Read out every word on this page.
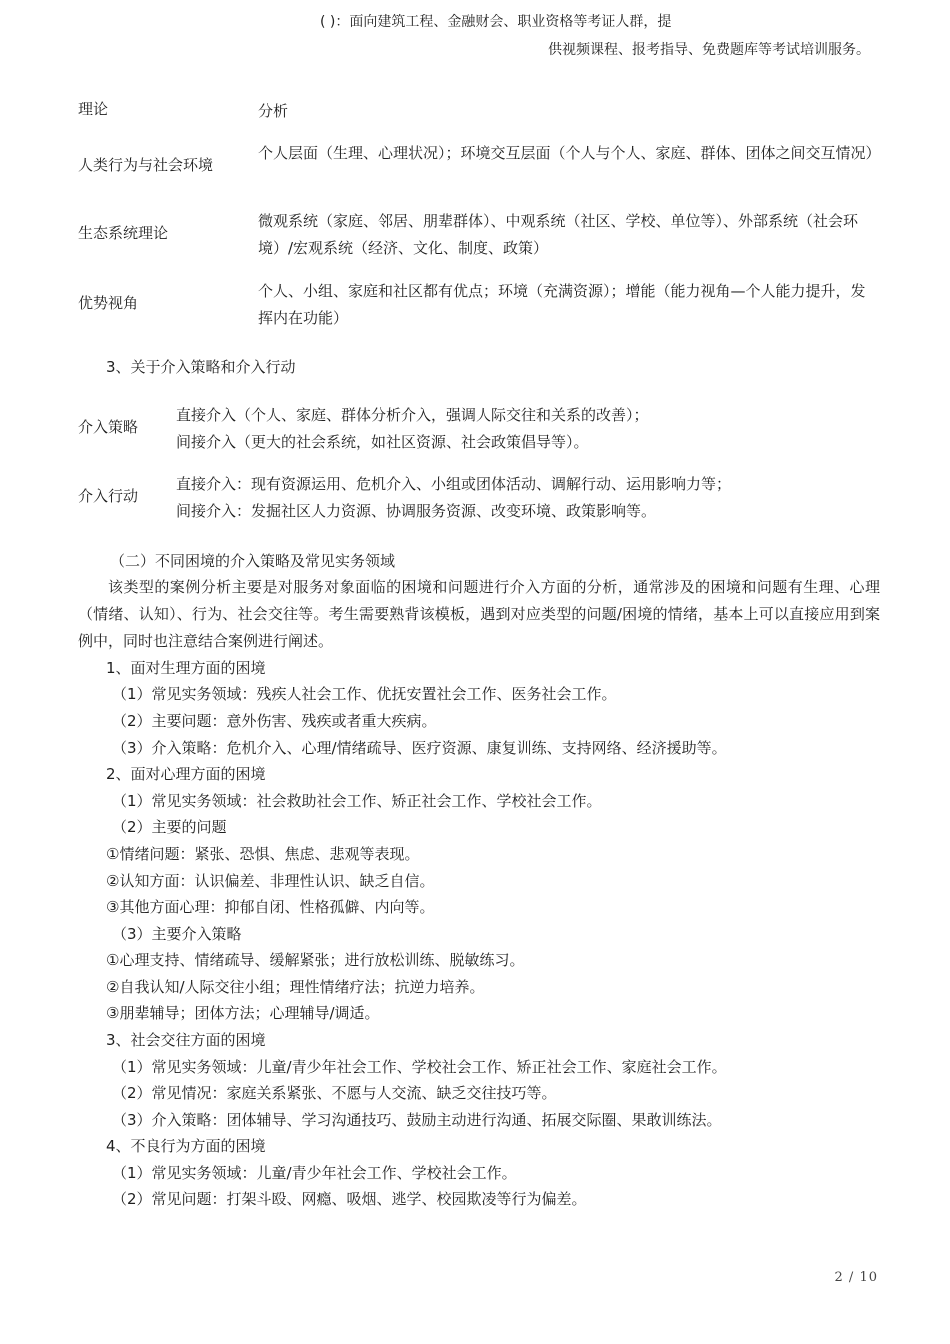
( )：面向建筑工程、金融财会、职业资格等考证人群，提
供视频课程、报考指导、免费题库等考试培训服务。
理论	分析
人类行为与社会环境
个人层面（生理、心理状况）；环境交互层面（个人与个人、家庭、群体、团体之间交互情况）
生态系统理论
微观系统（家庭、邻居、朋辈群体）、中观系统（社区、学校、单位等）、外部系统（社会环境）/宏观系统（经济、文化、制度、政策）
优势视角
个人、小组、家庭和社区都有优点；环境（充满资源）；增能（能力视角—个人能力提升，发挥内在功能）
3、关于介入策略和介入行动
介入策略
直接介入（个人、家庭、群体分析介入，强调人际交往和关系的改善）；
间接介入（更大的社会系统，如社区资源、社会政策倡导等）。
介入行动
直接介入：现有资源运用、危机介入、小组或团体活动、调解行动、运用影响力等；
间接介入：发掘社区人力资源、协调服务资源、改变环境、政策影响等。
（二）不同困境的介入策略及常见实务领域
该类型的案例分析主要是对服务对象面临的困境和问题进行介入方面的分析，通常涉及的困境和问题有生理、心理（情绪、认知）、行为、社会交往等。考生需要熟背该模板，遇到对应类型的问题/困境的情绪，基本上可以直接应用到案例中，同时也注意结合案例进行阐述。
1、面对生理方面的困境
（1）常见实务领域：残疾人社会工作、优抚安置社会工作、医务社会工作。
（2）主要问题：意外伤害、残疾或者重大疾病。
（3）介入策略：危机介入、心理/情绪疏导、医疗资源、康复训练、支持网络、经济援助等。
2、面对心理方面的困境
（1）常见实务领域：社会救助社会工作、矫正社会工作、学校社会工作。
（2）主要的问题
①情绪问题：紧张、恐惧、焦虑、悲观等表现。
②认知方面：认识偏差、非理性认识、缺乏自信。
③其他方面心理：抑郁自闭、性格孤僻、内向等。
（3）主要介入策略
①心理支持、情绪疏导、缓解紧张；进行放松训练、脱敏练习。
②自我认知/人际交往小组；理性情绪疗法；抗逆力培养。
③朋辈辅导；团体方法；心理辅导/调适。
3、社会交往方面的困境
（1）常见实务领域：儿童/青少年社会工作、学校社会工作、矫正社会工作、家庭社会工作。
（2）常见情况：家庭关系紧张、不愿与人交流、缺乏交往技巧等。
（3）介入策略：团体辅导、学习沟通技巧、鼓励主动进行沟通、拓展交际圈、果敢训练法。
4、不良行为方面的困境
（1）常见实务领域：儿童/青少年社会工作、学校社会工作。
（2）常见问题：打架斗殴、网瘾、吸烟、逃学、校园欺凌等行为偏差。
2 / 10
